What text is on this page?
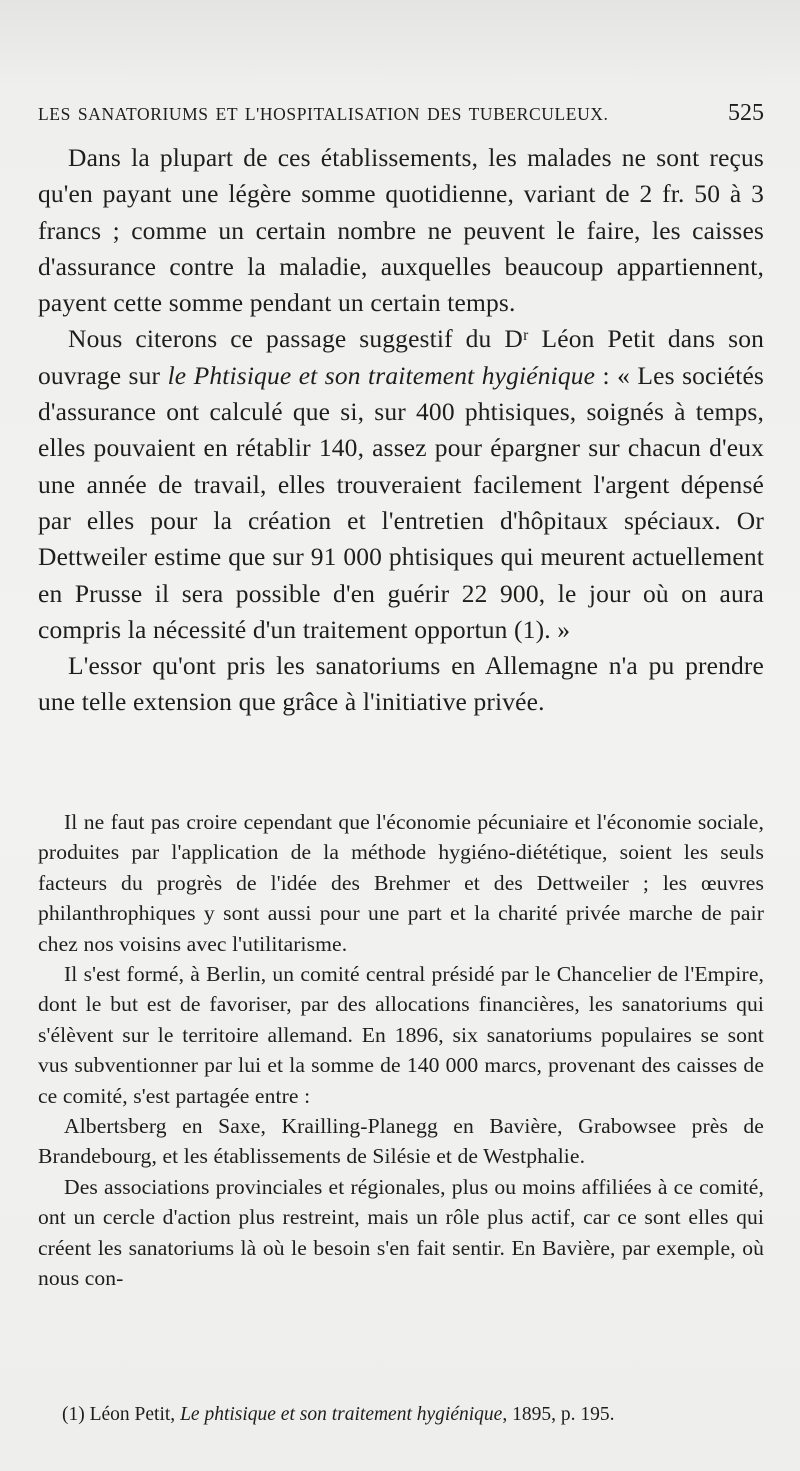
LES SANATORIUMS ET L'HOSPITALISATION DES TUBERCULEUX.	525

Dans la plupart de ces établissements, les malades ne sont reçus qu'en payant une légère somme quotidienne, variant de 2 fr. 50 à 3 francs ; comme un certain nombre ne peuvent le faire, les caisses d'assurance contre la maladie, auxquelles beaucoup appartiennent, payent cette somme pendant un certain temps.

Nous citerons ce passage suggestif du Dʳ Léon Petit dans son ouvrage sur le Phtisique et son traitement hygiénique : « Les sociétés d'assurance ont calculé que si, sur 400 phtisiques, soignés à temps, elles pouvaient en rétablir 140, assez pour épargner sur chacun d'eux une année de travail, elles trouveraient facilement l'argent dépensé par elles pour la création et l'entretien d'hôpitaux spéciaux. Or Dettweiler estime que sur 91 000 phtisiques qui meurent actuellement en Prusse il sera possible d'en guérir 22 900, le jour où on aura compris la nécessité d'un traitement opportun (1). »

L'essor qu'ont pris les sanatoriums en Allemagne n'a pu prendre une telle extension que grâce à l'initiative privée.

Il ne faut pas croire cependant que l'économie pécuniaire et l'économie sociale, produites par l'application de la méthode hygiéno-diététique, soient les seuls facteurs du progrès de l'idée des Brehmer et des Dettweiler ; les œuvres philanthrophiques y sont aussi pour une part et la charité privée marche de pair chez nos voisins avec l'utilitarisme.

Il s'est formé, à Berlin, un comité central présidé par le Chancelier de l'Empire, dont le but est de favoriser, par des allocations financières, les sanatoriums qui s'élèvent sur le territoire allemand. En 1896, six sanatoriums populaires se sont vus subventionner par lui et la somme de 140 000 marcs, provenant des caisses de ce comité, s'est partagée entre :

Albertsberg en Saxe, Krailling-Planegg en Bavière, Grabowsee près de Brandebourg, et les établissements de Silésie et de Westphalie.

Des associations provinciales et régionales, plus ou moins affiliées à ce comité, ont un cercle d'action plus restreint, mais un rôle plus actif, car ce sont elles qui créent les sanatoriums là où le besoin s'en fait sentir. En Bavière, par exemple, où nous con-

(1) Léon Petit, Le phtisique et son traitement hygiénique, 1895, p. 195.
